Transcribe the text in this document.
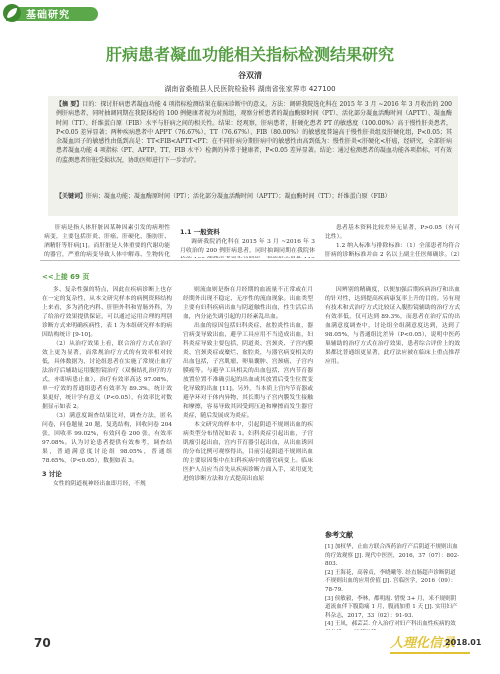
基础研究
肝病患者凝血功能相关指标检测结果研究
谷双清
湖南省桑植县人民医院检验科 湖南省张家界市 427100
【摘 要】目的：探讨肝病患者凝血功能 4 项指标检测结果在临床诊断中的意义。方法：调研我院选化科在 2015 年 3 月 ~2016 年 3 月收治的 200 例肝病患者，同时抽调同期在我院体检的 100 例健康者视为对照组，观察分析患者的凝血酶原时间（PT）、活化部分凝血活酶时间（APTT）、凝血酶时间（TT）、纤维蛋白原（FIB）水平与肝病之间的相关性。结果：经观察，肝病患者，肝硬化患者 PT 的敏感度（100.00%）高于慢性肝炎患者，P<0.05 差异显著；两种疾病患者中 APPT（76.67%）、TT（76.67%）、FIB（80.00%）的敏感度普遍高于慢性肝炎组及肝硬化组，P<0.05；其余凝血因子的敏感性由低到高是：TT<FIB<APTT<PT；在不同肝病分期肝病中的敏感性由高到低为：慢性肝炎<肝硬化<肝癌，经研究，全部肝病患者凝血功能 4 项指标（PT、APTP、TT、FIB 水平）检测的异常于健康者，P<0.05 差异显著。结论：通过检测患者的凝血功能各项指标，可有效的监测患者肝脏受损状况，协助医师进行下一步治疗。
【关键词】肝病；凝血功能；凝血酶原时间（PT）；活化部分凝血活酶时间（APTT）；凝血酶时间（TT）；纤维蛋白原（FIB）

肝病是指人体肝脏因某种因素引发的病理性病变，主要包括肝炎、肝癌、肝硬化、脂肪肝、酒精肝等肝病[1]。而肝脏是人体重要的代谢功能的器官，严重的病变导致人体中解毒、生物转化

1.1 一般资料

调研我院消化科在 2015 年 3 月 ~2016 年 3 月收治的 200 例肝病患者，同时抽调同期在我院体

患者基本资料比较差异无显著，P>0.05（有可比性）。

1.2 纳入标准与排除标准：（1）全部患者均符合肝病的诊断标准并由 2 名以上副主任医师确诊。（2）

<<上接 69 页

多、复杂性强的特点，因此在疾病诊断上也存在一定的复杂性，从本文研究样本的病例资料结构上来看，多为消化内科、肝胆外科和胃肠外科，为了给治疗效果提供保证，可以通过运用合理的判别诊断方式来明确疾病性，表 1 为本组研究样本的病因结构统计 [9-10]。

（2）从治疗效果上看，联合治疗方式在治疗效上更为显著，而常规治疗方式的有效率相对较低，具体数据为，讨论组患者在实施了常规止血疗法治疗后辅助运用腹腔镜治疗（双极结扎治疗的方式，亦即病患止血），治疗有效率高达 97.08%，单一疗效的普通组患者有效率为 89.3%，统计效果更好，统计学有意义（P<0.05），有效率比对数据显示如表 2。

（3）满意度调查结果比对，调查方法，匿名问卷，问卷题量 20 题，复选结构，回收问卷 204 张，回收率 99.02%，有效问卷 200 张，有效率 97.08%。认为讨论患者提供有效参考，调查结果，普通满意度讨论组 98.05%，普通组 78.65%，（P<0.05），数据如表 3。

3 讨论

女性的阴道视神经出血即月经，不规

则流血则是指在月经期的血流量不正常或在月经期外出现不稳定、无序性的流血现象。出血类型主要有妇科疾病出血与阴道触性出血，性生活后出血，内分泌失调引起的月经紊乱出血。

出血的原因包括妇科炎症、盆腔炎性出血，器官病变导致出血，避孕工具应用不当造成出血，妇科炎症导致主要包括，阴道炎、宫颈炎、子宫内膜炎、宫颈炎症或糜烂、盆腔炎，与器官病变相关的出血包括，子宫肌瘤、卵巢囊肿、宫颈癌、子宫内膜癌等。与避孕工具相关的出血包括，宫内节育器放置位置不准确引起的出血或其放置后受生位置变化导致的出血 [11]。另外，当本质上宫内节育器或避孕环对于体内异物，其长期与子宫内膜发生接触和摩擦，容易导致其因受到压迫和摩擦而发生器官炎症，随后发展成为炎症。

本文研究的样本中，引起阴道不规则出血的疾病类型分布情况如表 1。妇科炎症引起出血，子宫肌瘤引起出血，宫内节育器引起出血，从出血诱因的分布比例可观察得出，目前引起阴道不规则出血的主要原因集中在妇科疾病中的器官病变上。临床医护人员应当首先从疾病诊断方面入手，采用更先进的诊断方法和方式提高出血原

因辨别的精确度，以便加强后期疾病治疗和出血的针对性，达到提高疾病康复率上升的目的。另有现有技术和式治疗方式比较证入腹腔镜辅助的治疗方式有效率低，仅可达到 89.3%，而患者在治疗后的出血满意度调查中，讨论组全组满意度达到，达到了 98.05%，与普通组比差异（P<0.05），说明中医药巢辅助的治疗方式在治疗效果，患者综合评价上的效果都比普通组更显著，此疗法应被在临床上重点推荐应用。

参考文献
[1] 加权华，止血方联合西药治疗产后阴道不规则出血的疗效观察 [J]. 现代中医医，2016，37（07）：802-803.
[2] 王海花，高蓉贞，李晓曦等. 经直肠超声诊断阴道不规则出血的应用价值 [J]. 宫临医学，2016（09）：78-79.
[3] 侯敏毅，李林，都明霞. 惜悦 3+ 月，米不规则阴道流血伴下腹隐痛 1 月，腹涌加重 1 天 [J]. 实用妇产科杂志，2017，33（02）：91-93.
[4] 王凤，郝芸芸. 介入治疗对妇产科出血性疾病的效
70	人理化信录
2018.01
